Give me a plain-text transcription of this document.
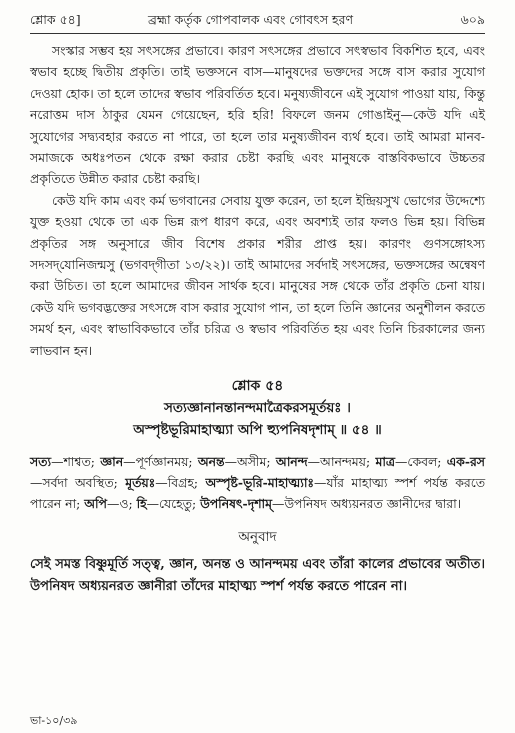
শ্লোক ৫৪]	ব্রহ্মা কর্তৃক গোপবালক এবং গোবৎস হরণ	৬০৯

সংস্কার সম্ভব হয় সৎসঙ্গের প্রভাবে। কারণ সৎসঙ্গের প্রভাবে সৎস্বভাব বিকশিত হবে, এবং স্বভাব হচ্ছে দ্বিতীয় প্রকৃতি। তাই ভক্তসনে বাস—মানুষদের ভক্তদের সঙ্গে বাস করার সুযোগ দেওয়া হোক। তা হলে তাদের স্বভাব পরিবর্তিত হবে। মনুষ্যজীবনে এই সুযোগ পাওয়া যায়, কিন্তু নরোত্তম দাস ঠাকুর যেমন গেয়েছেন, হরি হরি! বিফলে জনম গোঙাইনু—কেউ যদি এই সুযোগের সদ্ব্যবহার করতে না পারে, তা হলে তার মনুষ্যজীবন ব্যর্থ হবে। তাই আমরা মানব-সমাজকে অধঃপতন থেকে রক্ষা করার চেষ্টা করছি এবং মানুষকে বাস্তবিকভাবে উচ্চতর প্রকৃতিতে উন্নীত করার চেষ্টা করছি।

কেউ যদি কাম এবং কর্ম ভগবানের সেবায় যুক্ত করেন, তা হলে ইন্দ্রিয়সুখ ভোগের উদ্দেশ্যে যুক্ত হওয়া থেকে তা এক ভিন্ন রূপ ধারণ করে, এবং অবশ্যই তার ফলও ভিন্ন হয়। বিভিন্ন প্রকৃতির সঙ্গ অনুসারে জীব বিশেষ প্রকার শরীর প্রাপ্ত হয়। কারণং গুণসঙ্গোঽস্য সদসদ্‌যোনিজন্মসু (ভগবদ্‌গীতা ১৩/২২)। তাই আমাদের সর্বদাই সৎসঙ্গের, ভক্তসঙ্গের অন্বেষণ করা উচিত। তা হলে আমাদের জীবন সার্থক হবে। মানুষের সঙ্গ থেকে তাঁর প্রকৃতি চেনা যায়। কেউ যদি ভগবদ্ভক্তের সৎসঙ্গে বাস করার সুযোগ পান, তা হলে তিনি জ্ঞানের অনুশীলন করতে সমর্থ হন, এবং স্বাভাবিকভাবে তাঁর চরিত্র ও স্বভাব পরিবর্তিত হয় এবং তিনি চিরকালের জন্য লাভবান হন।

শ্লোক ৫৪
সত্যজ্ঞানানন্তানন্দমাত্রৈকরসমূর্তয়ঃ ।
অস্পৃষ্টভূরিমাহাত্ম্যা অপি হ্যুপনিষদৃশাম্‌ ॥ ৫৪ ॥
সত্য—শাশ্বত; জ্ঞান—পূর্ণজ্ঞানময়; অনন্ত—অসীম; আনন্দ—আনন্দময়; মাত্র—কেবল; এক-রস—সর্বদা অবস্থিত; মূর্তয়ঃ—বিগ্রহ; অস্পৃষ্ট-ভূরি-মাহাত্ম্যাঃ—যাঁর মাহাত্ম্য স্পর্শ পর্যন্ত করতে পারেন না; অপি—ও; হি—যেহেতু; উপনিষৎ-দৃশাম্‌—উপনিষদ অধ্যয়নরত জ্ঞানীদের দ্বারা।
অনুবাদ
সেই সমস্ত বিষ্ণুমূর্তি সত্ত্ব, জ্ঞান, অনন্ত ও আনন্দময় এবং তাঁরা কালের প্রভাবের অতীত। উপনিষদ অধ্যয়নরত জ্ঞানীরা তাঁদের মাহাত্ম্য স্পর্শ পর্যন্ত করতে পারেন না।
ভা-১০/৩৯
